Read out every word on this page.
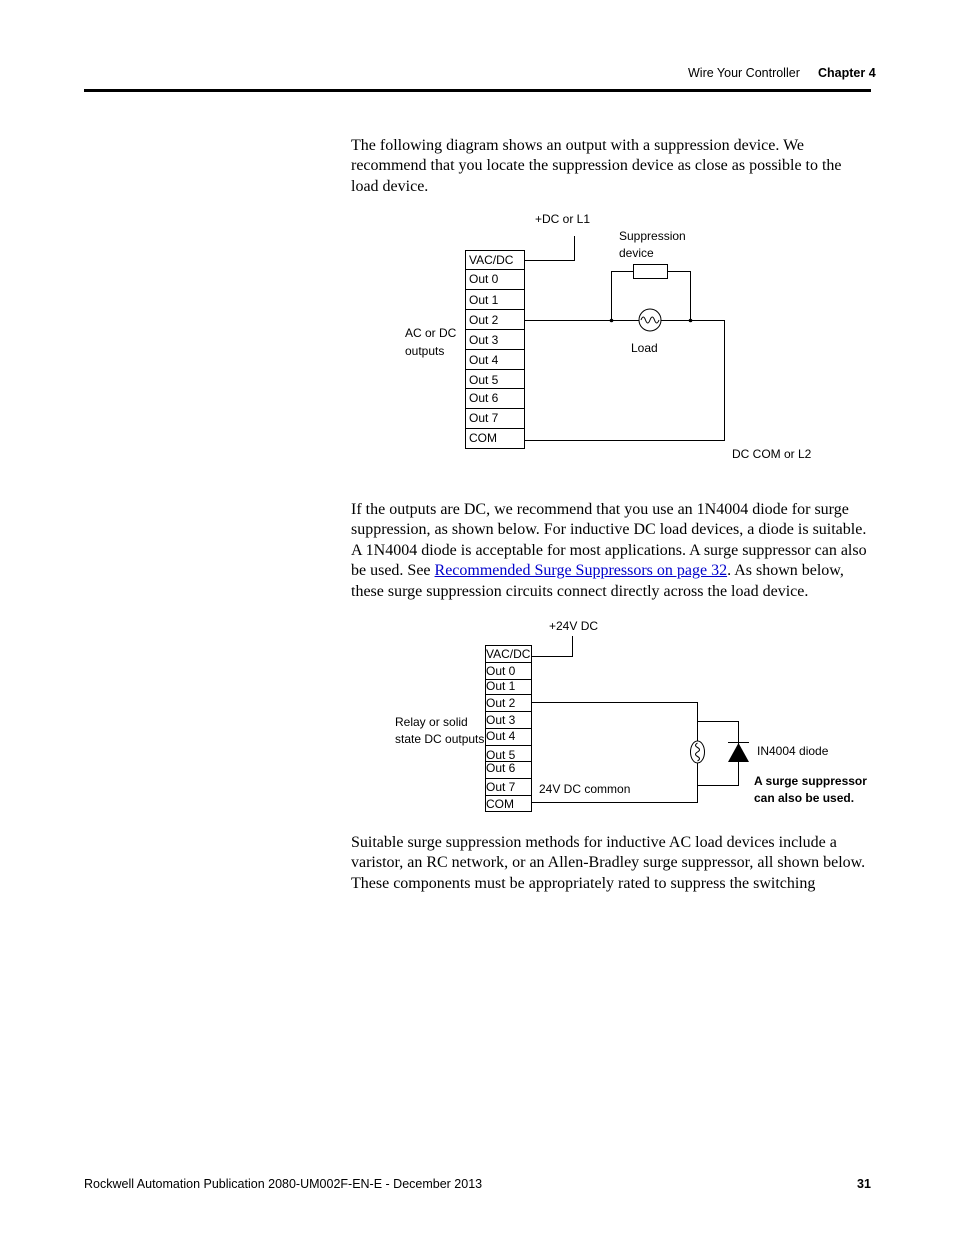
Wire Your Controller Chapter 4

The following diagram shows an output with a suppression device. We recommend that you locate the suppression device as close as possible to the load device.

VAC/DC
Out 0
Out 1
Out 2
Out 3
Out 4
Out 5
Out 6
Out 7
COM
+DC or L1
Suppression
device
AC or DC
outputs	Load
DC COM or L2

If the outputs are DC, we recommend that you use an 1N4004 diode for surge suppression, as shown below. For inductive DC load devices, a diode is suitable. A 1N4004 diode is acceptable for most applications. A surge suppressor can also be used. See Recommended Surge Suppressors on page 32. As shown below, these surge suppression circuits connect directly across the load device.

VAC/DC
Out 0
Out 1
Out 2
Out 3
Out 4
Out 5
Out 6
Out 7
COM
+24V DC
Relay or solid
state DC outputs
IN4004 diode
A surge suppressor
can also be used.
24V DC common

Suitable surge suppression methods for inductive AC load devices include a varistor, an RC network, or an Allen-Bradley surge suppressor, all shown below. These components must be appropriately rated to suppress the switching

Rockwell Automation Publication 2080-UM002F-EN-E - December 2013	31
